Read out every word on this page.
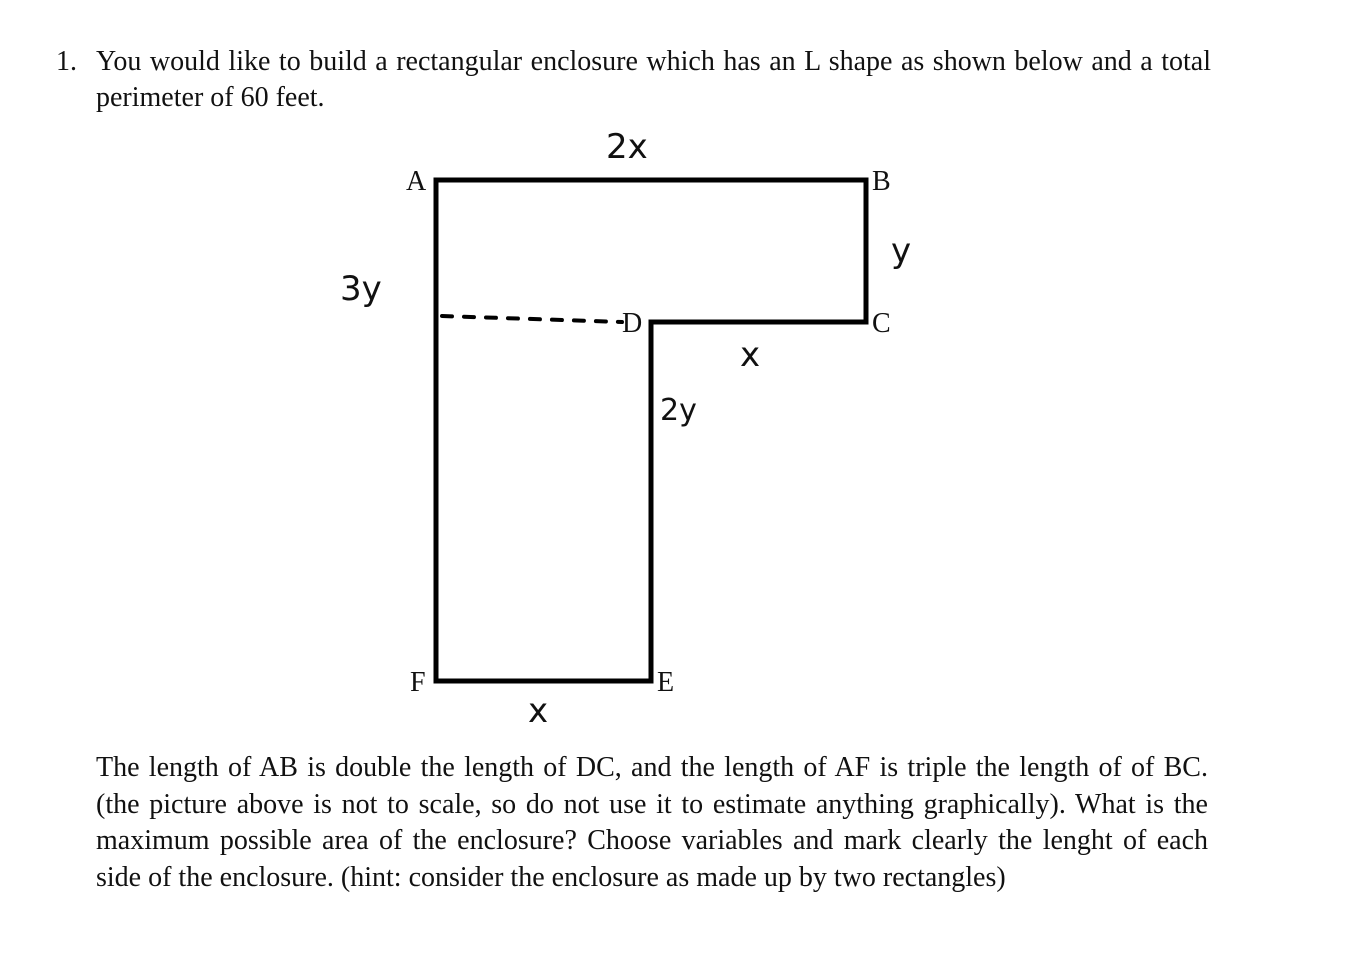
1. You would like to build a rectangular enclosure which has an L shape as shown below and a total perimeter of 60 feet.
A	B
C
D
E
F
2x
y
3y
x
2y
x
The length of AB is double the length of DC, and the length of AF is triple the length of of BC. (the picture above is not to scale, so do not use it to estimate anything graphically). What is the maximum possible area of the enclosure? Choose variables and mark clearly the lenght of each side of the enclosure. (hint: consider the enclosure as made up by two rectangles)
